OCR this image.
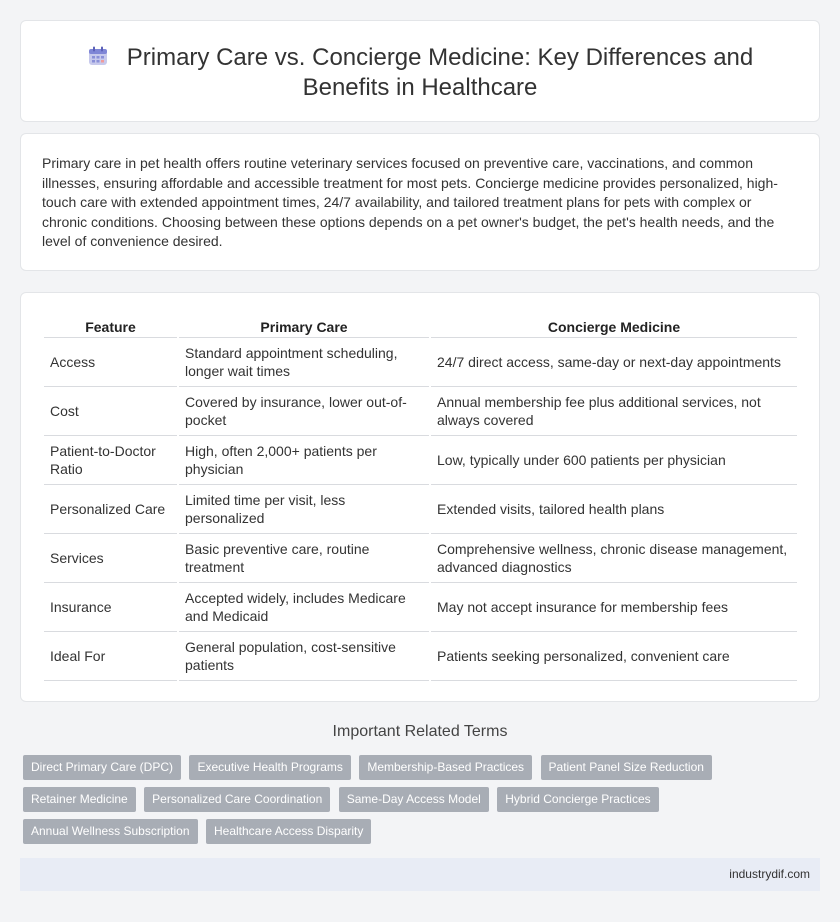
Primary Care vs. Concierge Medicine: Key Differences and Benefits in Healthcare

Primary care in pet health offers routine veterinary services focused on preventive care, vaccinations, and common illnesses, ensuring affordable and accessible treatment for most pets. Concierge medicine provides personalized, high-touch care with extended appointment times, 24/7 availability, and tailored treatment plans for pets with complex or chronic conditions. Choosing between these options depends on a pet owner's budget, the pet's health needs, and the level of convenience desired.

Feature	Primary Care	Concierge Medicine
Access	Standard appointment scheduling, longer wait times	24/7 direct access, same-day or next-day appointments
Cost	Covered by insurance, lower out-of-pocket	Annual membership fee plus additional services, not always covered
Patient-to-Doctor Ratio	High, often 2,000+ patients per physician	Low, typically under 600 patients per physician
Personalized Care	Limited time per visit, less personalized	Extended visits, tailored health plans
Services	Basic preventive care, routine treatment	Comprehensive wellness, chronic disease management, advanced diagnostics
Insurance	Accepted widely, includes Medicare and Medicaid	May not accept insurance for membership fees
Ideal For	General population, cost-sensitive patients	Patients seeking personalized, convenient care
Important Related Terms
Direct Primary Care (DPC) Executive Health Programs Membership-Based Practices Patient Panel Size Reduction Retainer Medicine Personalized Care Coordination Same-Day Access Model Hybrid Concierge Practices Annual Wellness Subscription Healthcare Access Disparity
industrydif.com
